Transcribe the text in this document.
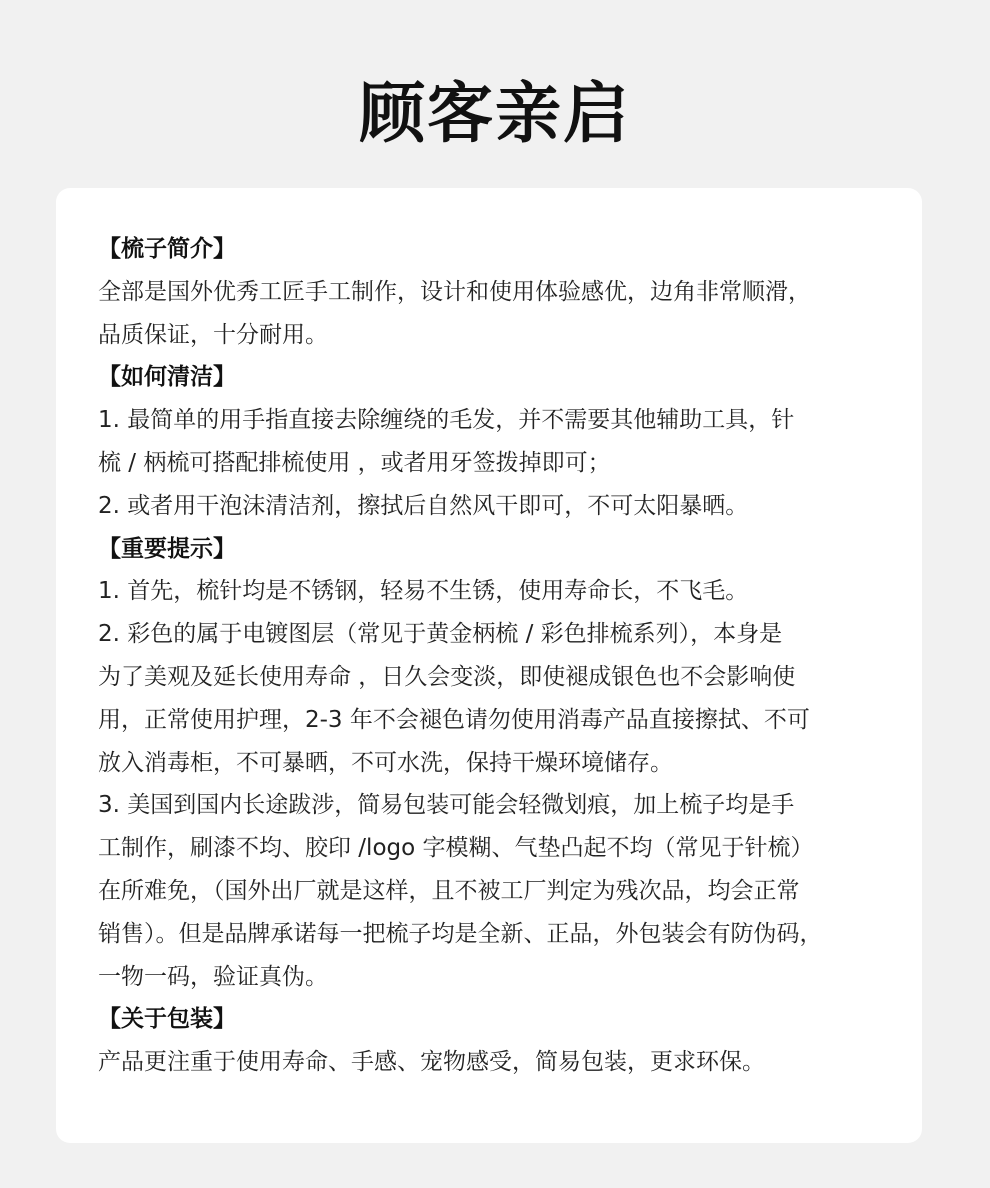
顾客亲启
【梳子简介】
全部是国外优秀工匠手工制作，设计和使用体验感优，边角非常顺滑，
品质保证，十分耐用。
【如何清洁】
1. 最简单的用手指直接去除缠绕的毛发，并不需要其他辅助工具，针
梳 / 柄梳可搭配排梳使用 ，或者用牙签拨掉即可；
2. 或者用干泡沫清洁剂，擦拭后自然风干即可，不可太阳暴晒。
【重要提示】
1. 首先，梳针均是不锈钢，轻易不生锈，使用寿命长，不飞毛。
2. 彩色的属于电镀图层（常见于黄金柄梳 / 彩色排梳系列），本身是
为了美观及延长使用寿命 ，日久会变淡，即使褪成银色也不会影响使
用，正常使用护理，2-3 年不会褪色请勿使用消毒产品直接擦拭、不可
放入消毒柜，不可暴晒，不可水洗，保持干燥环境储存。
3. 美国到国内长途跋涉，简易包装可能会轻微划痕，加上梳子均是手
工制作，刷漆不均、胶印 /logo 字模糊、气垫凸起不均（常见于针梳）
在所难免，（国外出厂就是这样，且不被工厂判定为残次品，均会正常
销售）。但是品牌承诺每一把梳子均是全新、正品，外包装会有防伪码，
一物一码，验证真伪。
【关于包装】
产品更注重于使用寿命、手感、宠物感受，简易包装，更求环保。
